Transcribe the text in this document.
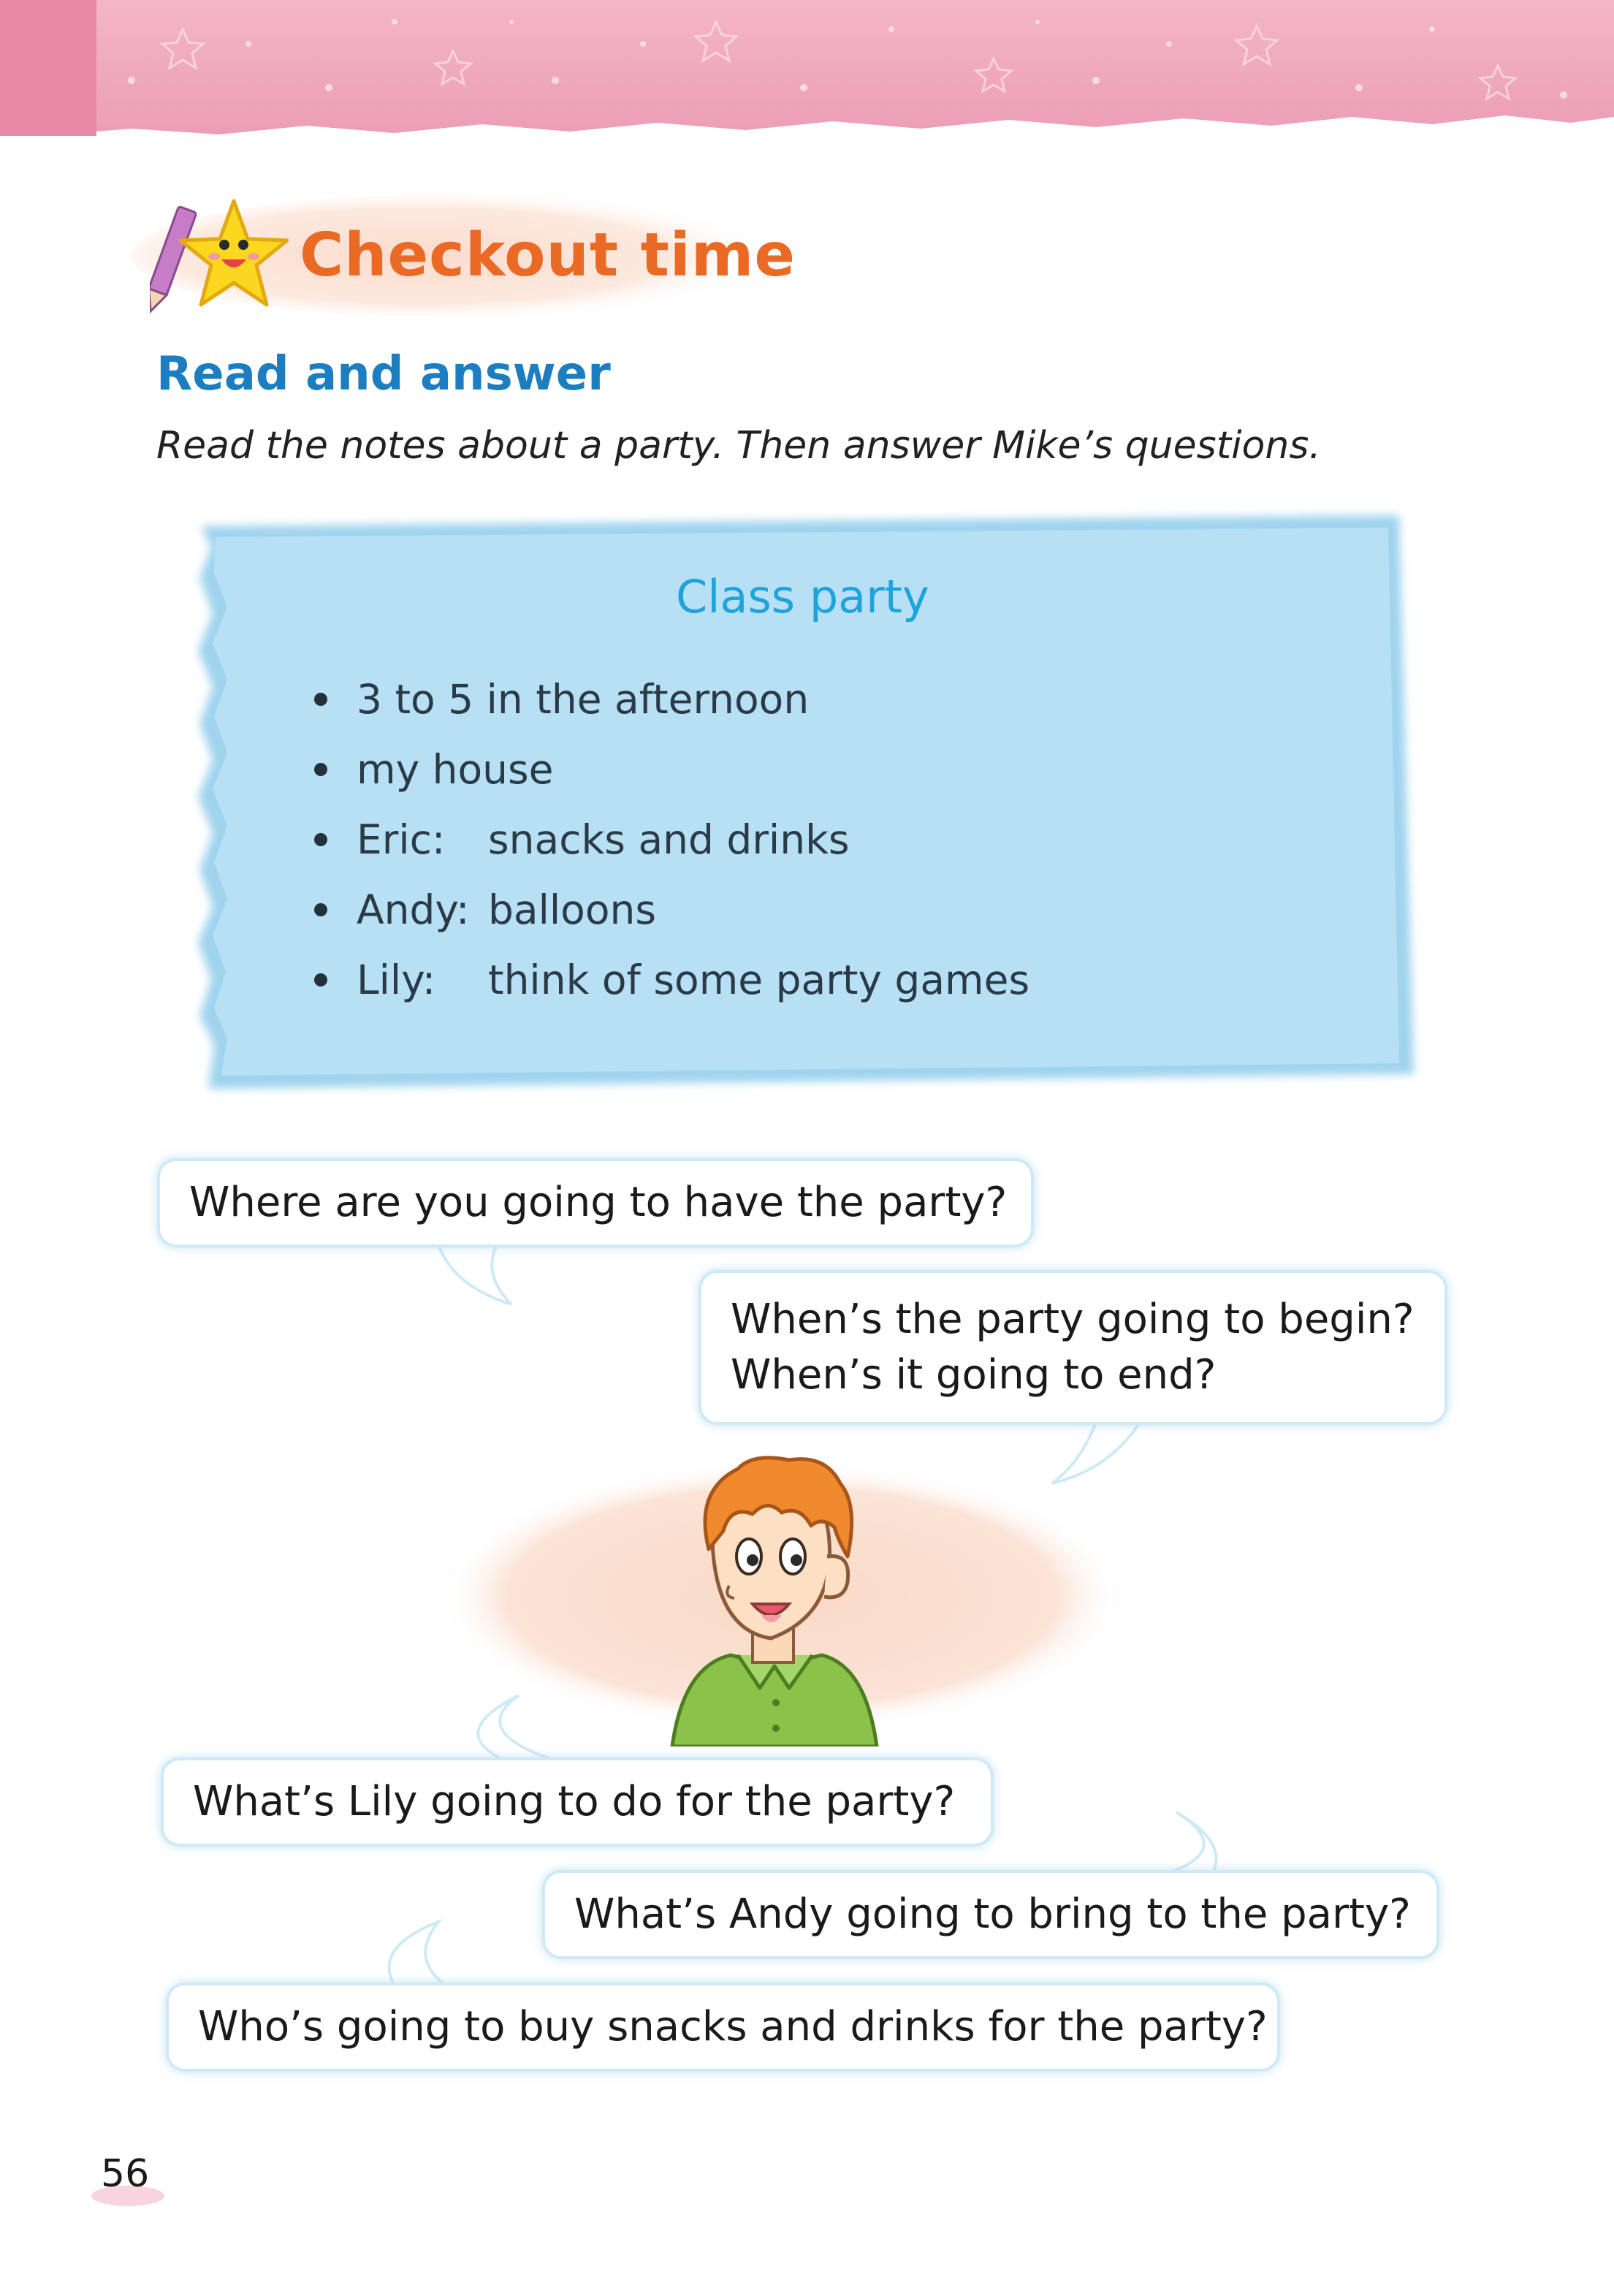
Checkout time
Read and answer
Read the notes about a party. Then answer Mike’s questions.
Class party
3 to 5 in the afternoon
my house
Eric: snacks and drinks
Andy: balloons
Lily: think of some party games
Where are you going to have the party?
When’s the party going to begin?
When’s it going to end?
What’s Lily going to do for the party?
What’s Andy going to bring to the party?
Who’s going to buy snacks and drinks for the party?
56
